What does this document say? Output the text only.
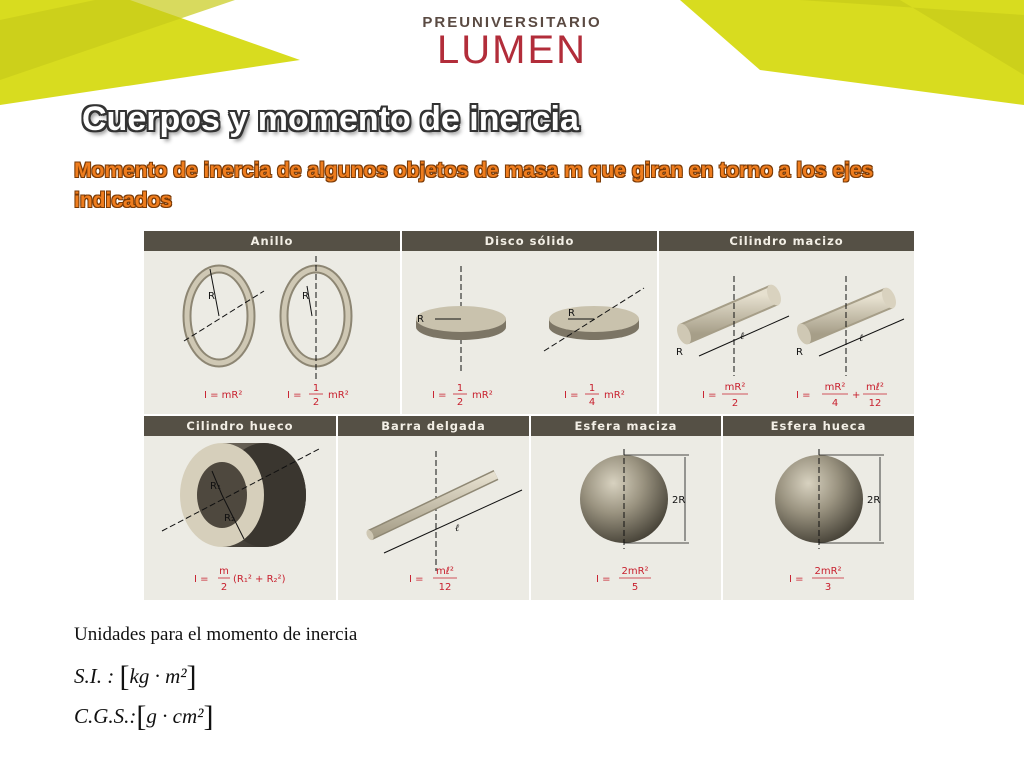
PREUNIVERSITARIO
LUMEN
Cuerpos y momento de inercia
Momento de inercia de algunos objetos de masa m que giran en torno a los ejes indicados
Anillo	Disco sólido	Cilindro macizo
Cilindro hueco	Barra delgada	Esfera maciza	Esfera hueca
R	R
R
R
ℓ
R
ℓ
R
I = mR²	I =
1
2
mR²	I =
1
2
mR²	I =
1
4
mR²	I =
mR²
2
I =
mR²
4
+
mℓ²
12
R₁
R₂
I =
m
2
(R₁² + R₂²)
ℓ
I =
mℓ²
12
2R
I =
2mR²
5
2R
I =
2mR²
3
Unidades para el momento de inercia
S.I. : [kg · m²]
C.G.S.:[g · cm²]
